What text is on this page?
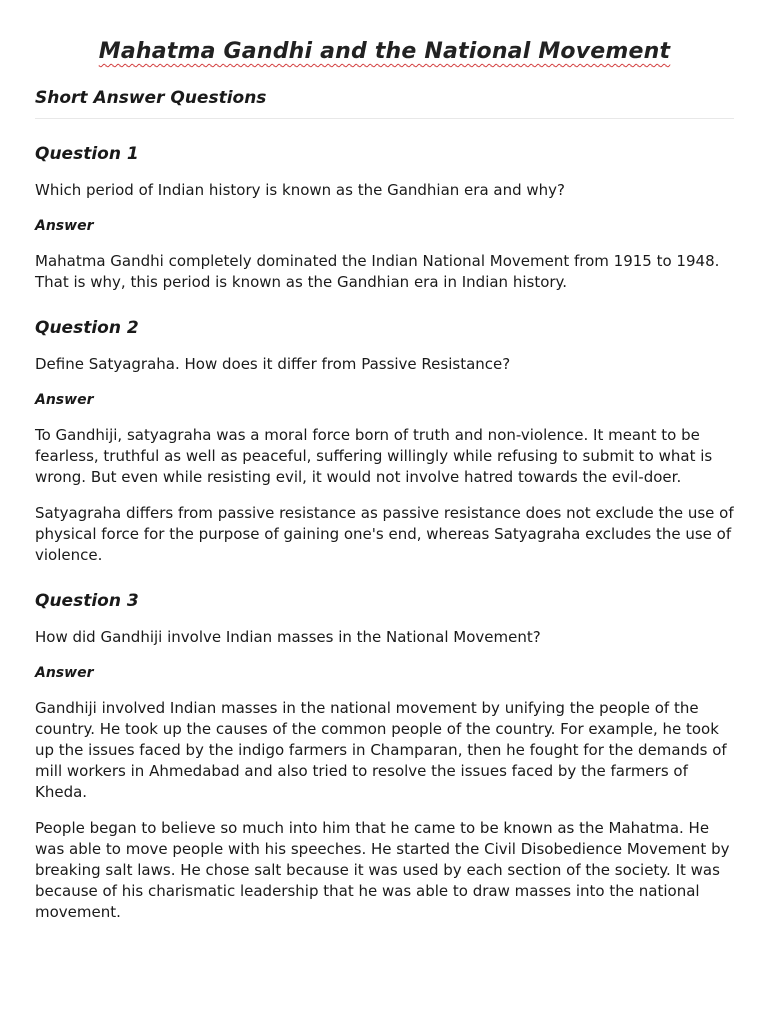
Mahatma Gandhi and the National Movement
Short Answer Questions
Question 1

Which period of Indian history is known as the Gandhian era and why?

Answer

Mahatma Gandhi completely dominated the Indian National Movement from 1915 to 1948. That is why, this period is known as the Gandhian era in Indian history.

Question 2

Define Satyagraha. How does it differ from Passive Resistance?

Answer

To Gandhiji, satyagraha was a moral force born of truth and non-violence. It meant to be fearless, truthful as well as peaceful, suffering willingly while refusing to submit to what is wrong. But even while resisting evil, it would not involve hatred towards the evil-doer.

Satyagraha differs from passive resistance as passive resistance does not exclude the use of physical force for the purpose of gaining one's end, whereas Satyagraha excludes the use of violence.

Question 3

How did Gandhiji involve Indian masses in the National Movement?

Answer

Gandhiji involved Indian masses in the national movement by unifying the people of the country. He took up the causes of the common people of the country. For example, he took up the issues faced by the indigo farmers in Champaran, then he fought for the demands of mill workers in Ahmedabad and also tried to resolve the issues faced by the farmers of Kheda.

People began to believe so much into him that he came to be known as the Mahatma. He was able to move people with his speeches. He started the Civil Disobedience Movement by breaking salt laws. He chose salt because it was used by each section of the society. It was because of his charismatic leadership that he was able to draw masses into the national movement.
